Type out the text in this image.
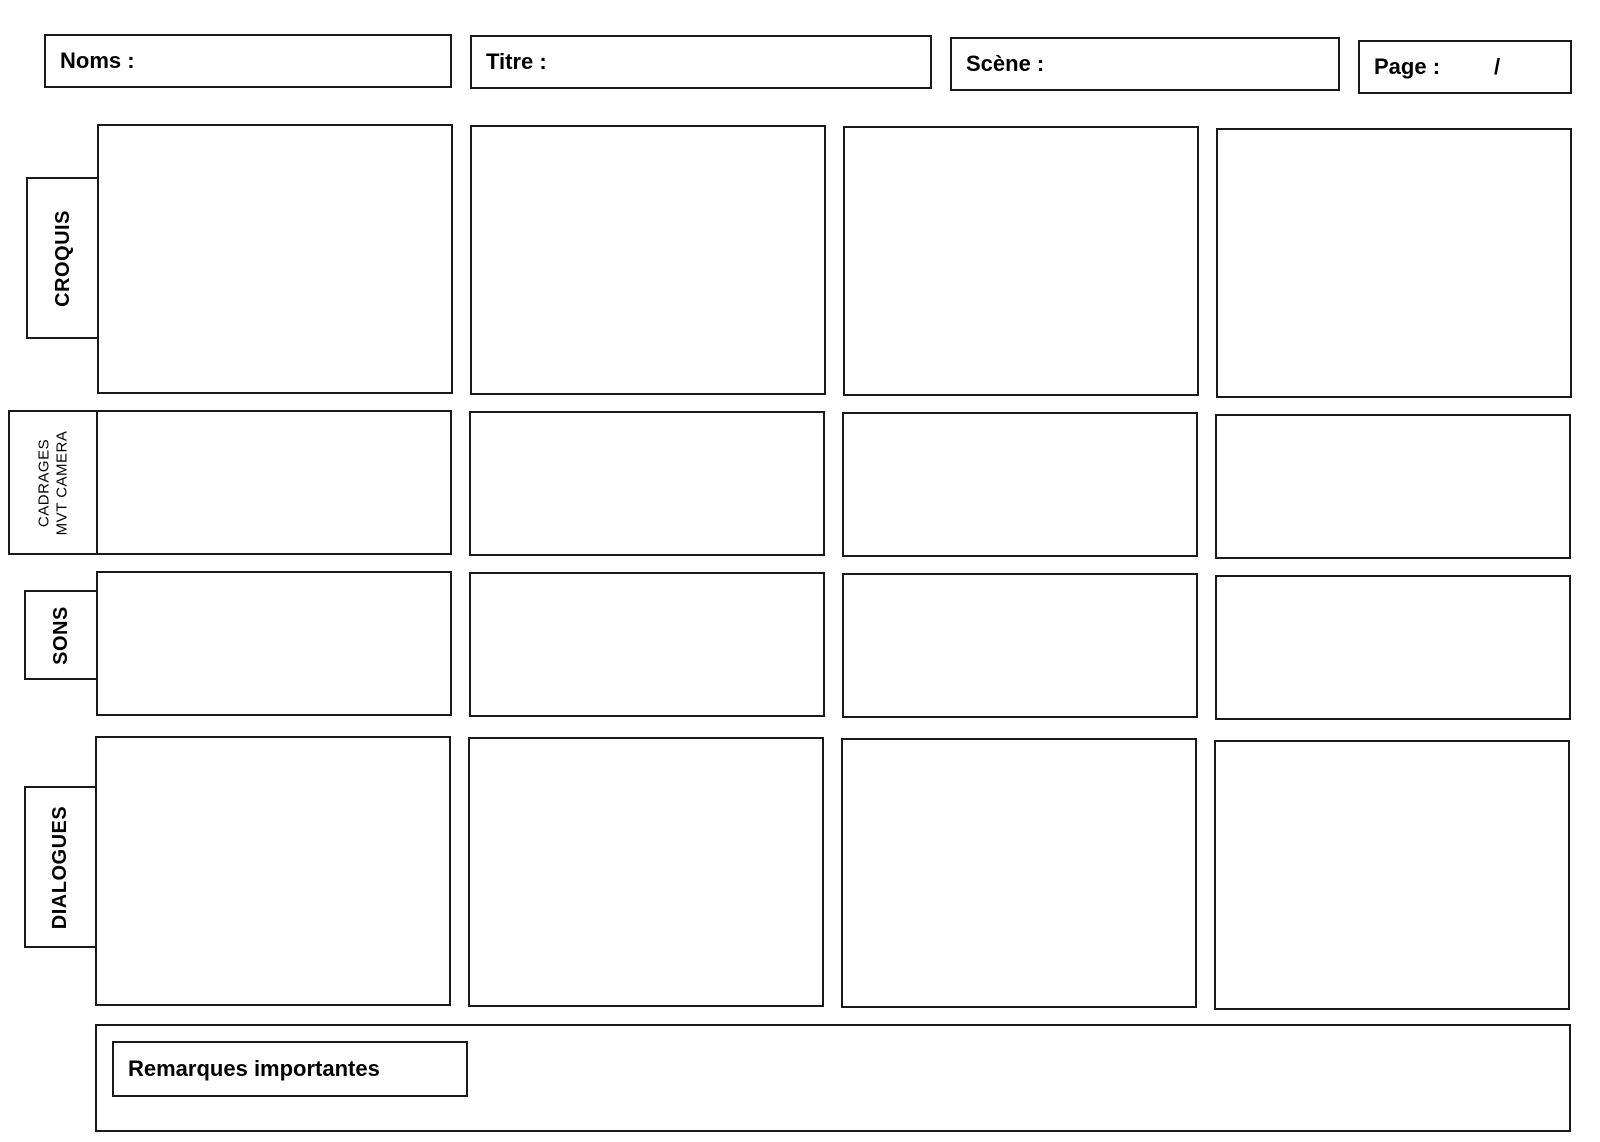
Noms :	Titre :	Scène :	Page : /
CROQUIS
CADRAGES MVT CAMERA
SONS
DIALOGUES
Remarques importantes
